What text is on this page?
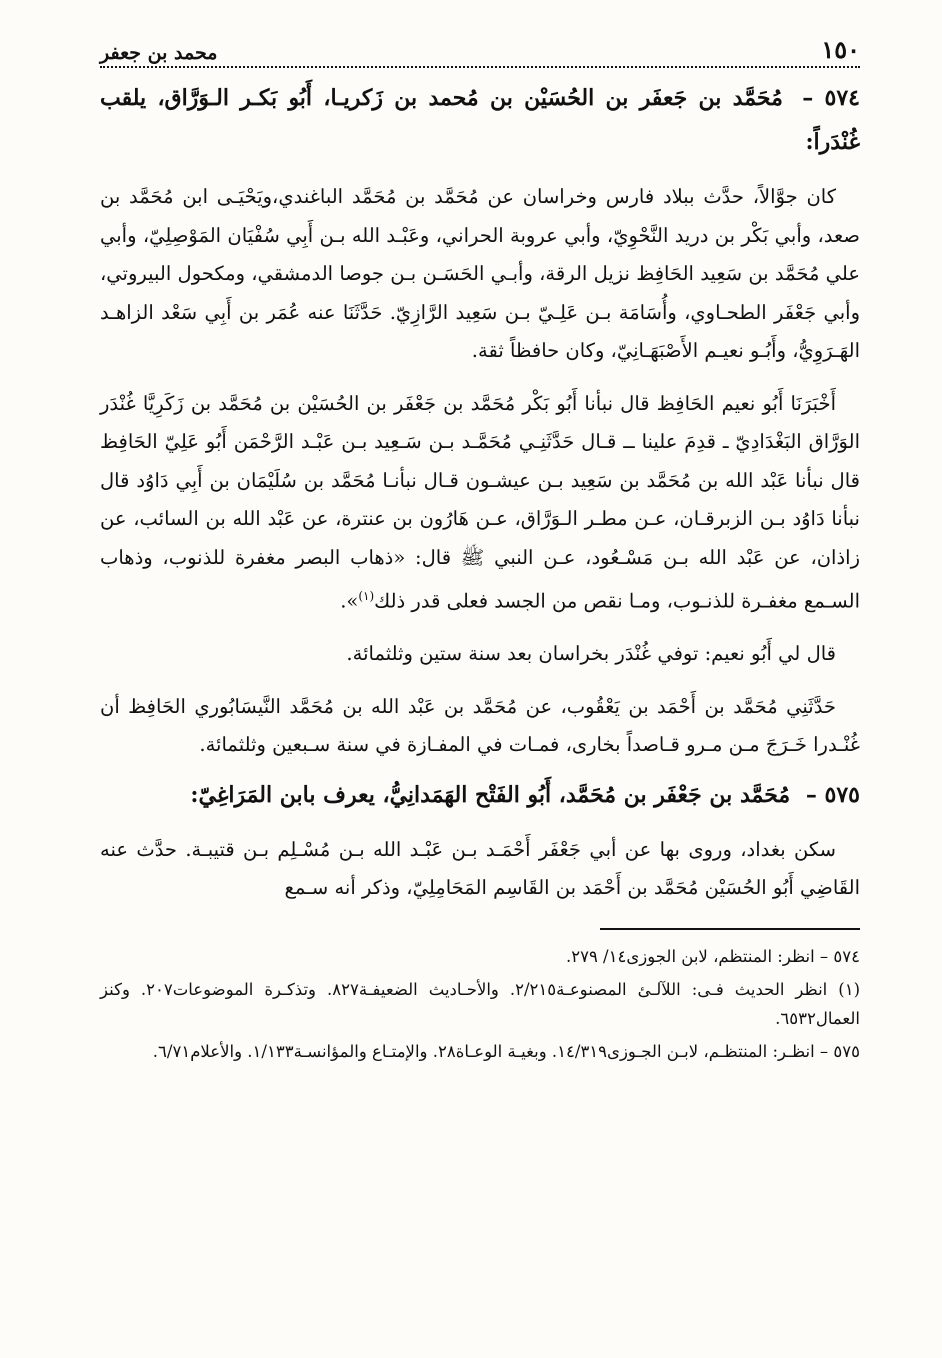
١٥٠
محمد بن جعفر
٥٧٤ – مُحَمَّد بن جَعفَر بن الحُسَيْن بن مُحمد بن زَكريـا، أَبُو بَكـر الـوَرَّاق، يلقب غُنْدَراً:

كان جوَّالاً، حدَّث ببلاد فارس وخراسان عن مُحَمَّد بن مُحَمَّد الباغندي،ويَحْيَـى ابن مُحَمَّد بن صعد، وأبي بَكْر بن دريد النَّحْوِيّ، وأبي عروبة الحراني، وعَبْـد الله بـن أَبِي سُفْيَان المَوْصِلِيّ، وأبي علي مُحَمَّد بن سَعِيد الحَافِظ نزيل الرقة، وأبـي الحَسَـن بـن جوصا الدمشقي، ومكحول البيروتي، وأبي جَعْفَر الطحـاوي، وأُسَامَة بـن عَلِـيّ بـن سَعِيد الرَّازِيّ. حَدَّثَنَا عنه عُمَر بن أَبِي سَعْد الزاهـد الهَـرَوِيُّ، وأَبُـو نعيـم الأَصْبَهَـانِيّ، وكان حافظاً ثقة.

أَخْبَرَنَا أَبُو نعيم الحَافِظ قال نبأنا أَبُو بَكْر مُحَمَّد بن جَعْفَر بن الحُسَيْن بن مُحَمَّد بن زَكَرِيَّا غُنْدَر الوَرَّاق البَغْدَادِيّ ـ قدِمَ علينا ــ قـال حَدَّثَنِـي مُحَمَّـد بـن سَـعِيد بـن عَبْـد الرَّحْمَن أَبُو عَلِيّ الحَافِظ قال نبأنا عَبْد الله بن مُحَمَّد بن سَعِيد بـن عيشـون قـال نبأنـا مُحَمَّد بن سُلَيْمَان بن أَبِي دَاوُد قال نبأنا دَاوُد بـن الزبرقـان، عـن مطـر الـوَرَّاق، عـن هَارُون بن عنترة، عن عَبْد الله بن السائب، عن زاذان، عن عَبْد الله بـن مَسْـعُود، عـن النبي ﷺ قال: «ذهاب البصر مغفرة للذنوب، وذهاب السـمع مغفـرة للذنـوب، ومـا نقص من الجسد فعلى قدر ذلك$^{(١)}$».

قال لي أَبُو نعيم: توفي غُنْدَر بخراسان بعد سنة ستين وثلثمائة.

حَدَّثَنِي مُحَمَّد بن أَحْمَد بن يَعْقُوب، عن مُحَمَّد بن عَبْد الله بن مُحَمَّد النَّيسَابُوري الحَافِظ أن غُنْـدرا خَـرَجَ مـن مـرو قـاصداً بخارى، فمـات في المفـازة في سنة سـبعين وثلثمائة.

٥٧٥ – مُحَمَّد بن جَعْفَر بن مُحَمَّد، أَبُو الفَتْح الهَمَدانِيُّ، يعرف بابن المَرَاغِيّ:

سكن بغداد، وروى بها عن أبي جَعْفَر أَحْمَـد بـن عَبْـد الله بـن مُسْـلِم بـن قتيبـة. حدَّث عنه القَاضِي أَبُو الحُسَيْن مُحَمَّد بن أَحْمَد بن القَاسِم المَحَامِلِيّ، وذكر أنه سـمع

٥٧٤ – انظر: المنتظم، لابن الجوزى١٤/ ٢٧٩.

(١) انظر الحديث فـى: اللآلـئ المصنوعـة٢/٢١٥. والأحـاديث الضعيفـة٨٢٧. وتذكـرة الموضوعات٢٠٧. وكنز العمال٦٥٣٢.

٥٧٥ – انظـر: المنتظـم، لابـن الجـوزى١٤/٣١٩. وبغيـة الوعـاة٢٨. والإمتـاع والمؤانسـة١/١٣٣. والأعلام٦/٧١.
